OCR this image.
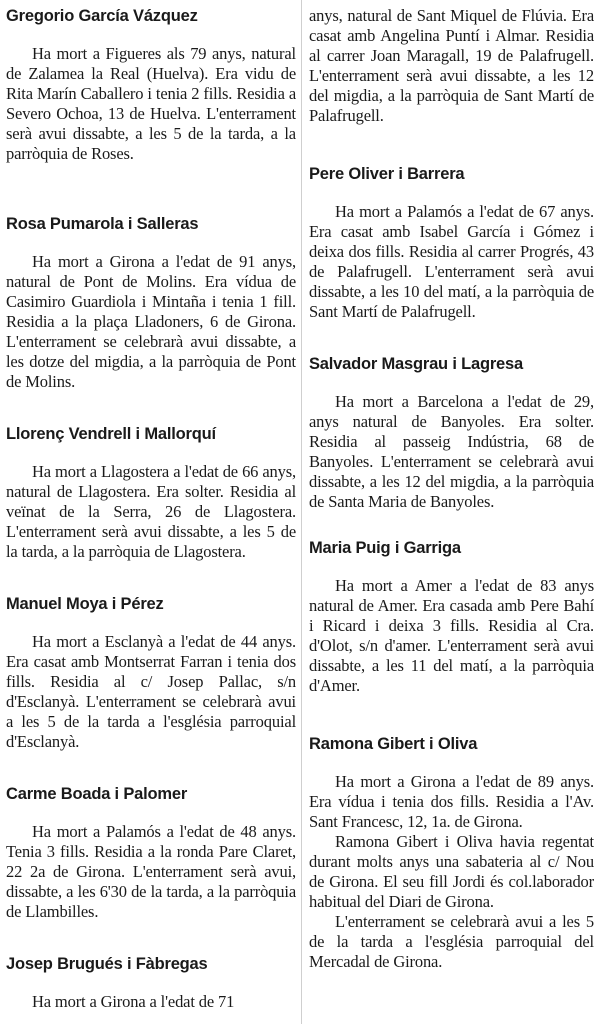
Gregorio García Vázquez

Ha mort a Figueres als 79 anys, natural de Zalamea la Real (Huelva). Era vidu de Rita Marín Caballero i tenia 2 fills. Residia a Severo Ochoa, 13 de Huelva. L'enterrament serà avui dissabte, a les 5 de la tarda, a la parròquia de Roses.

Rosa Pumarola i Salleras

Ha mort a Girona a l'edat de 91 anys, natural de Pont de Molins. Era vídua de Casimiro Guardiola i Mintaña i tenia 1 fill. Residia a la plaça Lladoners, 6 de Girona. L'enterrament se celebrarà avui dissabte, a les dotze del migdia, a la parròquia de Pont de Molins.

Llorenç Vendrell i Mallorquí

Ha mort a Llagostera a l'edat de 66 anys, natural de Llagostera. Era solter. Residia al veïnat de la Serra, 26 de Llagostera. L'enterrament serà avui dissabte, a les 5 de la tarda, a la parròquia de Llagostera.

Manuel Moya i Pérez

Ha mort a Esclanyà a l'edat de 44 anys. Era casat amb Montserrat Farran i tenia dos fills. Residia al c/ Josep Pallac, s/n d'Esclanyà. L'enterrament se celebrarà avui a les 5 de la tarda a l'església parroquial d'Esclanyà.

Carme Boada i Palomer

Ha mort a Palamós a l'edat de 48 anys. Tenia 3 fills. Residia a la ronda Pare Claret, 22 2a de Girona. L'enterrament serà avui, dissabte, a les 6'30 de la tarda, a la parròquia de Llambilles.

Josep Brugués i Fàbregas

Ha mort a Girona a l'edat de 71

anys, natural de Sant Miquel de Flúvia. Era casat amb Angelina Puntí i Almar. Residia al carrer Joan Maragall, 19 de Palafrugell. L'enterrament serà avui dissabte, a les 12 del migdia, a la parròquia de Sant Martí de Palafrugell.

Pere Oliver i Barrera

Ha mort a Palamós a l'edat de 67 anys. Era casat amb Isabel García i Gómez i deixa dos fills. Residia al carrer Progrés, 43 de Palafrugell. L'enterrament serà avui dissabte, a les 10 del matí, a la parròquia de Sant Martí de Palafrugell.

Salvador Masgrau i Lagresa

Ha mort a Barcelona a l'edat de 29, anys natural de Banyoles. Era solter. Residia al passeig Indústria, 68 de Banyoles. L'enterrament se celebrarà avui dissabte, a les 12 del migdia, a la parròquia de Santa Maria de Banyoles.

Maria Puig i Garriga

Ha mort a Amer a l'edat de 83 anys natural de Amer. Era casada amb Pere Bahí i Ricard i deixa 3 fills. Residia al Cra. d'Olot, s/n d'amer. L'enterrament serà avui dissabte, a les 11 del matí, a la parròquia d'Amer.

Ramona Gibert i Oliva

Ha mort a Girona a l'edat de 89 anys. Era vídua i tenia dos fills. Residia a l'Av. Sant Francesc, 12, 1a. de Girona.

Ramona Gibert i Oliva havia regentat durant molts anys una sabateria al c/ Nou de Girona. El seu fill Jordi és col.laborador habitual del Diari de Girona.

L'enterrament se celebrarà avui a les 5 de la tarda a l'església parroquial del Mercadal de Girona.
